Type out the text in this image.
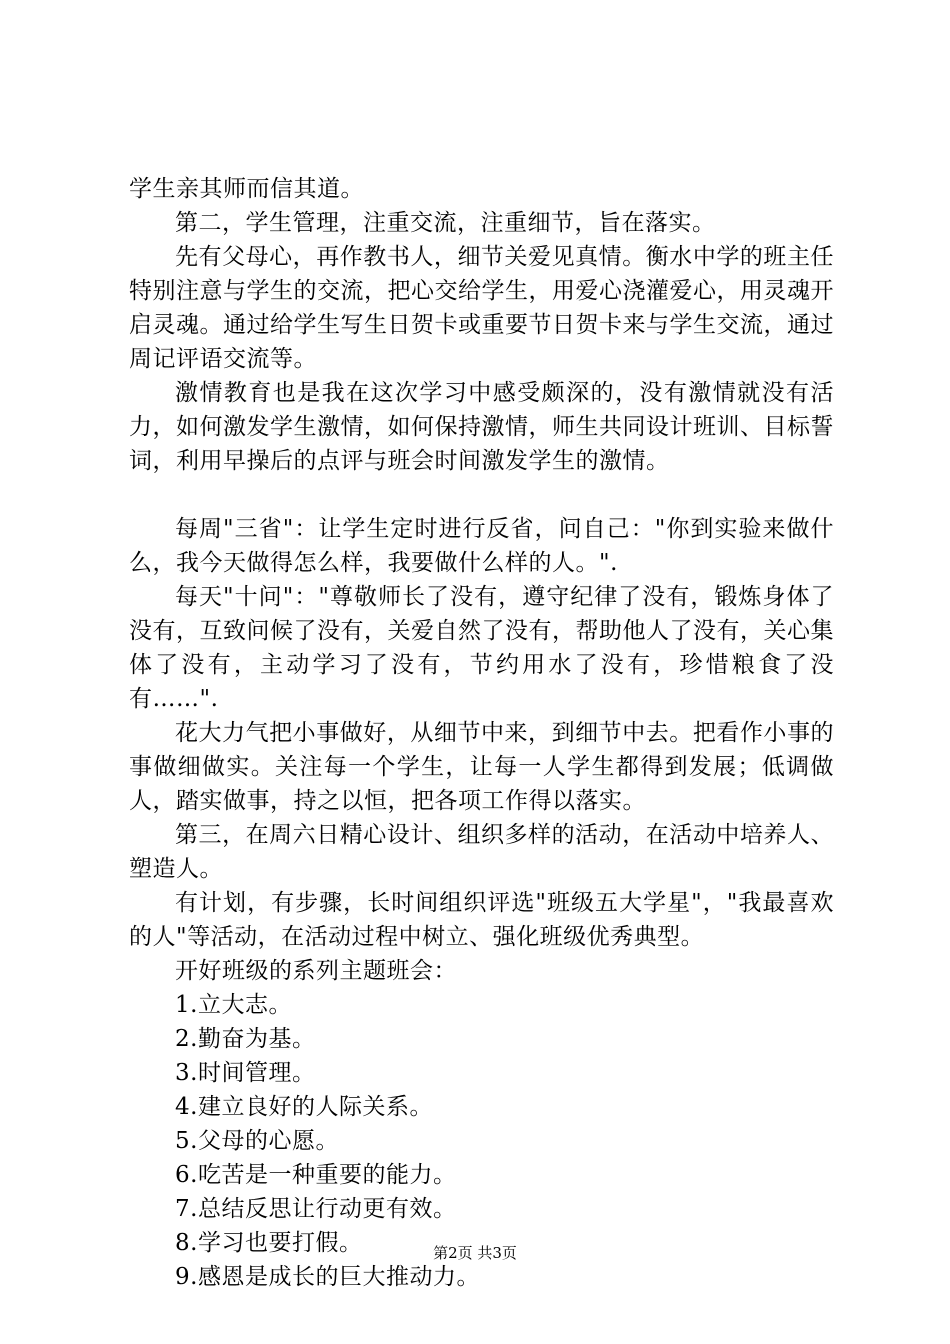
学生亲其师而信其道。

第二，学生管理，注重交流，注重细节，旨在落实。

先有父母心，再作教书人，细节关爱见真情。衡水中学的班主任特别注意与学生的交流，把心交给学生，用爱心浇灌爱心，用灵魂开启灵魂。通过给学生写生日贺卡或重要节日贺卡来与学生交流，通过周记评语交流等。

激情教育也是我在这次学习中感受颇深的，没有激情就没有活力，如何激发学生激情，如何保持激情，师生共同设计班训、目标誓词，利用早操后的点评与班会时间激发学生的激情。

每周"三省"：让学生定时进行反省，问自己："你到实验来做什么，我今天做得怎么样，我要做什么样的人。".

每天"十问"："尊敬师长了没有，遵守纪律了没有，锻炼身体了没有，互致问候了没有，关爱自然了没有，帮助他人了没有，关心集体了没有，主动学习了没有，节约用水了没有，珍惜粮食了没有……".

花大力气把小事做好，从细节中来，到细节中去。把看作小事的事做细做实。关注每一个学生，让每一人学生都得到发展；低调做人，踏实做事，持之以恒，把各项工作得以落实。

第三，在周六日精心设计、组织多样的活动，在活动中培养人、塑造人。

有计划，有步骤，长时间组织评选"班级五大学星"，"我最喜欢的人"等活动，在活动过程中树立、强化班级优秀典型。

开好班级的系列主题班会：

1.立大志。

2.勤奋为基。

3.时间管理。

4.建立良好的人际关系。

5.父母的心愿。

6.吃苦是一种重要的能力。

7.总结反思让行动更有效。

8.学习也要打假。

9.感恩是成长的巨大推动力。

第2页 共3页
